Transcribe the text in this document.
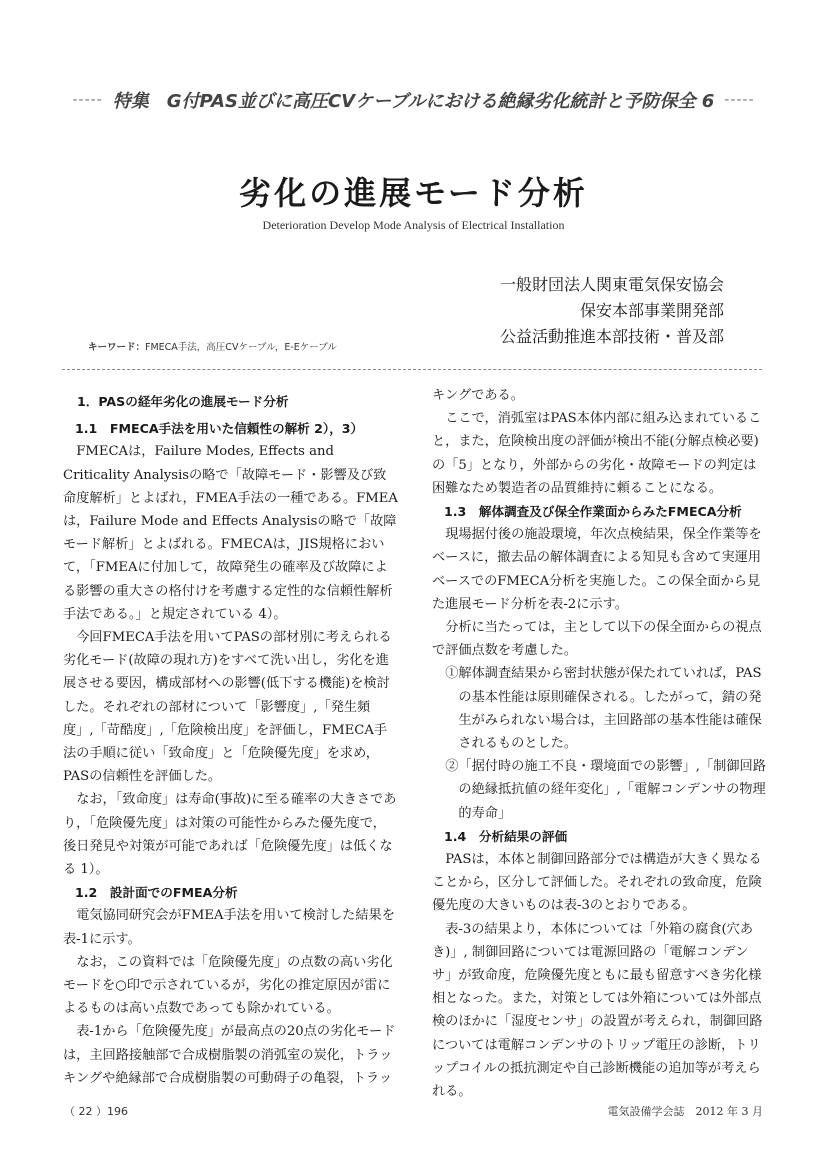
----- 特集　G付PAS並びに高圧CVケーブルにおける絶縁劣化統計と予防保全 6 -----
劣化の進展モード分析
Deterioration Develop Mode Analysis of Electrical Installation
一般財団法人関東電気保安協会
保安本部事業開発部
公益活動推進本部技術・普及部
キーワード：FMECA手法，高圧CVケーブル，E-Eケーブル

1．PASの経年劣化の進展モード分析

1.1　FMECA手法を用いた信頼性の解析 2），3）

FMECAは，Failure Modes, Effects and Criticality Analysisの略で「故障モード・影響及び致命度解析」とよばれ，FMEA手法の一種である。FMEAは，Failure Mode and Effects Analysisの略で「故障モード解析」とよばれる。FMECAは，JIS規格において，「FMEAに付加して，故障発生の確率及び故障による影響の重大さの格付けを考慮する定性的な信頼性解析手法である。」と規定されている 4）。

今回FMECA手法を用いてPASの部材別に考えられる劣化モード(故障の現れ方)をすべて洗い出し，劣化を進展させる要因，構成部材への影響(低下する機能)を検討した。それぞれの部材について「影響度」,「発生頻度」,「苛酷度」,「危険検出度」を評価し，FMECA手法の手順に従い「致命度」と「危険優先度」を求め，PASの信頼性を評価した。

なお，「致命度」は寿命(事故)に至る確率の大きさであり，「危険優先度」は対策の可能性からみた優先度で，後日発見や対策が可能であれば「危険優先度」は低くなる 1）。

1.2　設計面でのFMEA分析

電気協同研究会がFMEA手法を用いて検討した結果を表-1に示す。

なお，この資料では「危険優先度」の点数の高い劣化モードを○印で示されているが，劣化の推定原因が雷によるものは高い点数であっても除かれている。

表-1から「危険優先度」が最高点の20点の劣化モードは，主回路接触部で合成樹脂製の消弧室の炭化，トラッキングや絶縁部で合成樹脂製の可動碍子の亀裂，トラッ

キングである。

ここで，消弧室はPAS本体内部に組み込まれていること，また，危険検出度の評価が検出不能(分解点検必要)の「5」となり，外部からの劣化・故障モードの判定は困難なため製造者の品質維持に頼ることになる。

1.3　解体調査及び保全作業面からみたFMECA分析

現場据付後の施設環境，年次点検結果，保全作業等をベースに，撤去品の解体調査による知見も含めて実運用ベースでのFMECA分析を実施した。この保全面から見た進展モード分析を表-2に示す。

分析に当たっては，主として以下の保全面からの視点で評価点数を考慮した。

①解体調査結果から密封状態が保たれていれば，PASの基本性能は原則確保される。したがって，錆の発生がみられない場合は，主回路部の基本性能は確保されるものとした。

②「据付時の施工不良・環境面での影響」,「制御回路の絶縁抵抗値の経年変化」,「電解コンデンサの物理的寿命」

1.4　分析結果の評価

PASは，本体と制御回路部分では構造が大きく異なることから，区分して評価した。それぞれの致命度，危険優先度の大きいものは表-3のとおりである。

表-3の結果より，本体については「外箱の腐食(穴あき)」, 制御回路については電源回路の「電解コンデンサ」が致命度，危険優先度ともに最も留意すべき劣化様相となった。また，対策としては外箱については外部点検のほかに「湿度センサ」の設置が考えられ，制御回路については電解コンデンサのトリップ電圧の診断，トリップコイルの抵抗測定や自己診断機能の追加等が考えられる。

（ 22 ）196	電気設備学会誌　2012 年 3 月
